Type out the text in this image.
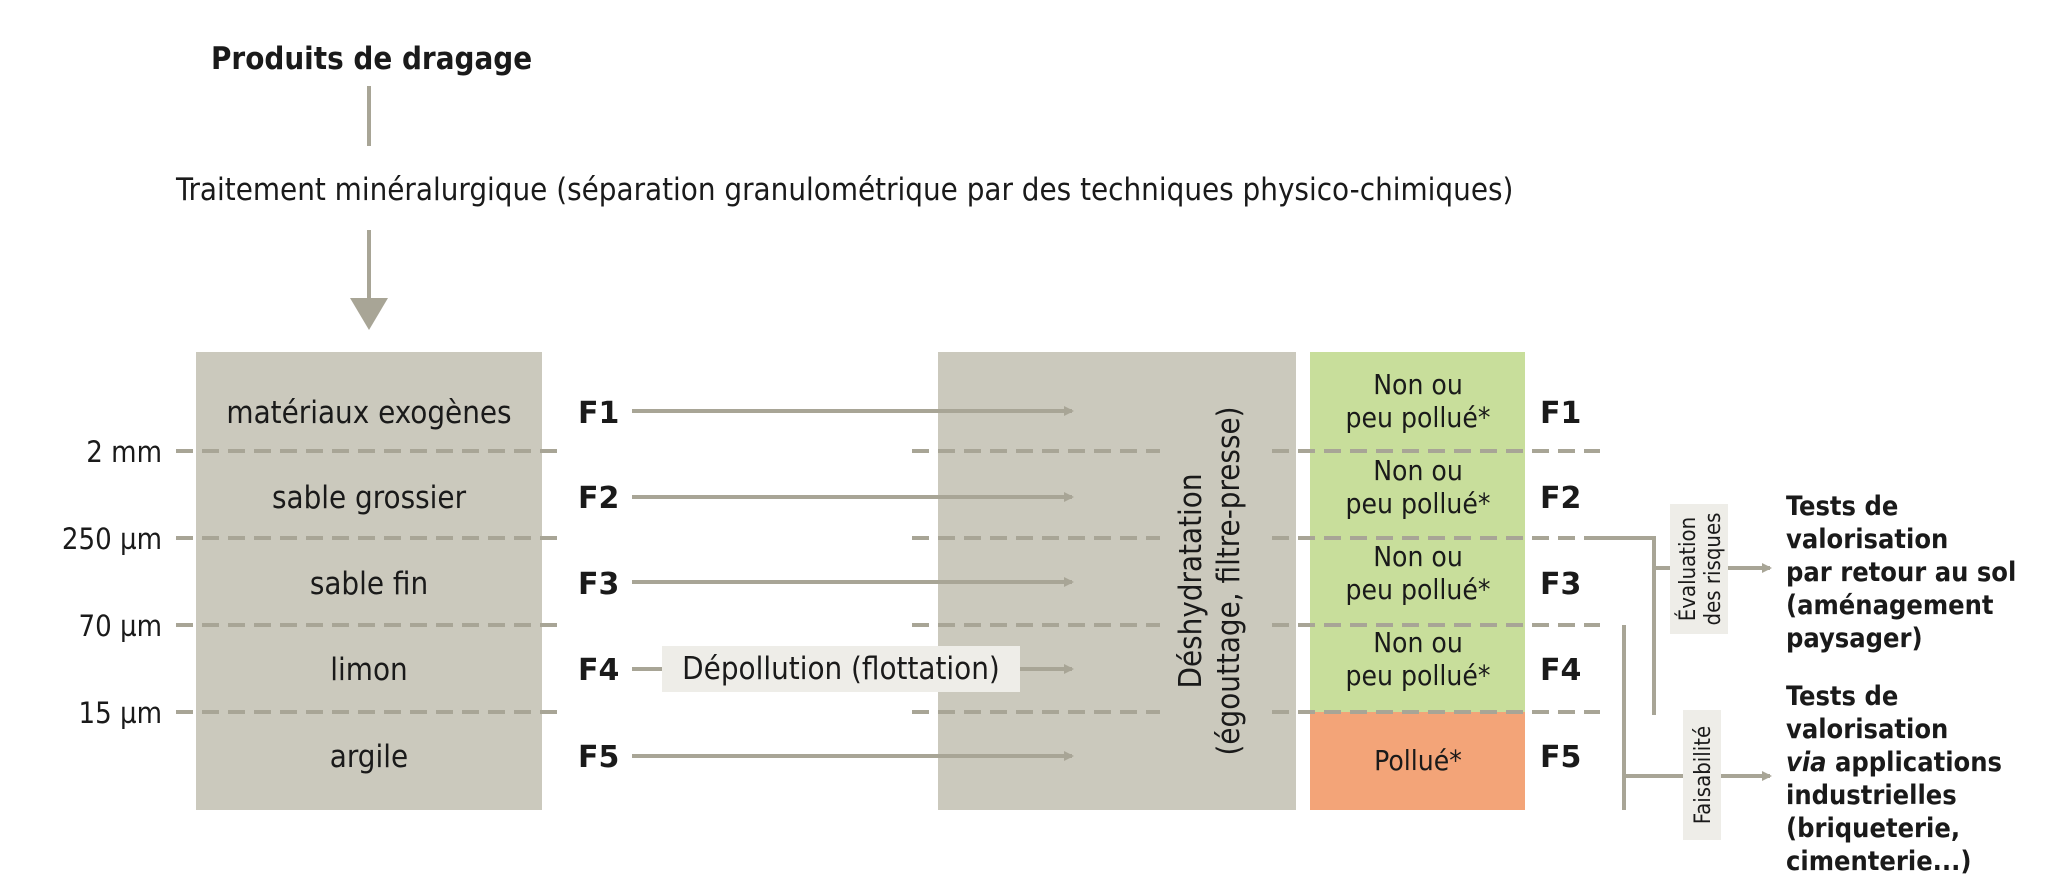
Produits de dragage
Traitement minéralurgique (séparation granulométrique par des techniques physico-chimiques)
2 mm
250 µm
70 µm
15 µm
matériaux exogènes
sable grossier
sable fin
limon
argile
F1
F2
F3
F4
F5
Dépollution (flottation)	Déshydratation (égouttage, filtre-presse)
Non ou
peu pollué*
Non ou
peu pollué*
Non ou
peu pollué*
Non ou
peu pollué*
Pollué*
F1
F2
F3
F4
F5
Évaluation des risques
Faisabilité
Tests de
valorisation
par retour au sol
(aménagement
paysager)
Tests de
valorisation
via applications
industrielles
(briqueterie,
cimenterie...)
